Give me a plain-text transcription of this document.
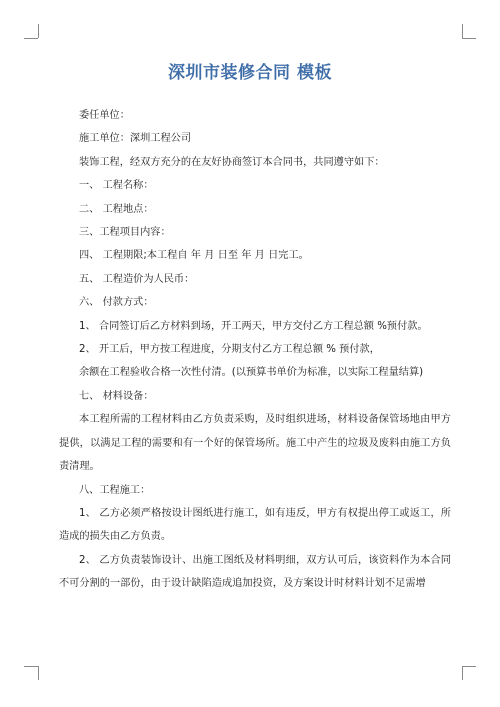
深圳市装修合同 模板

委任单位：

施工单位：深圳工程公司

装饰工程，经双方充分的在友好协商签订本合同书，共同遵守如下：

一、 工程名称：

二、 工程地点：

三、工程项目内容：

四、 工程期限;本工程自 年 月 日至 年 月 日完工。

五、 工程造价为人民币：

六、 付款方式：

1、 合同签订后乙方材料到场，开工两天，甲方交付乙方工程总额 %预付款。

2、 开工后，甲方按工程进度，分期支付乙方工程总额 % 预付款，

余额在工程验收合格一次性付清。(以预算书单价为标准，以实际工程量结算)

七、 材料设备：

本工程所需的工程材料由乙方负责采购，及时组织进场，材料设备保管场地由甲方提供，以满足工程的需要和有一个好的保管场所。施工中产生的垃圾及废料由施工方负责清理。

八、工程施工：

1、 乙方必须严格按设计图纸进行施工，如有违反，甲方有权提出停工或返工，所造成的损失由乙方负责。

2、 乙方负责装饰设计、出施工图纸及材料明细，双方认可后，该资料作为本合同不可分割的一部份，由于设计缺陷造成追加投资，及方案设计时材料计划不足需增
